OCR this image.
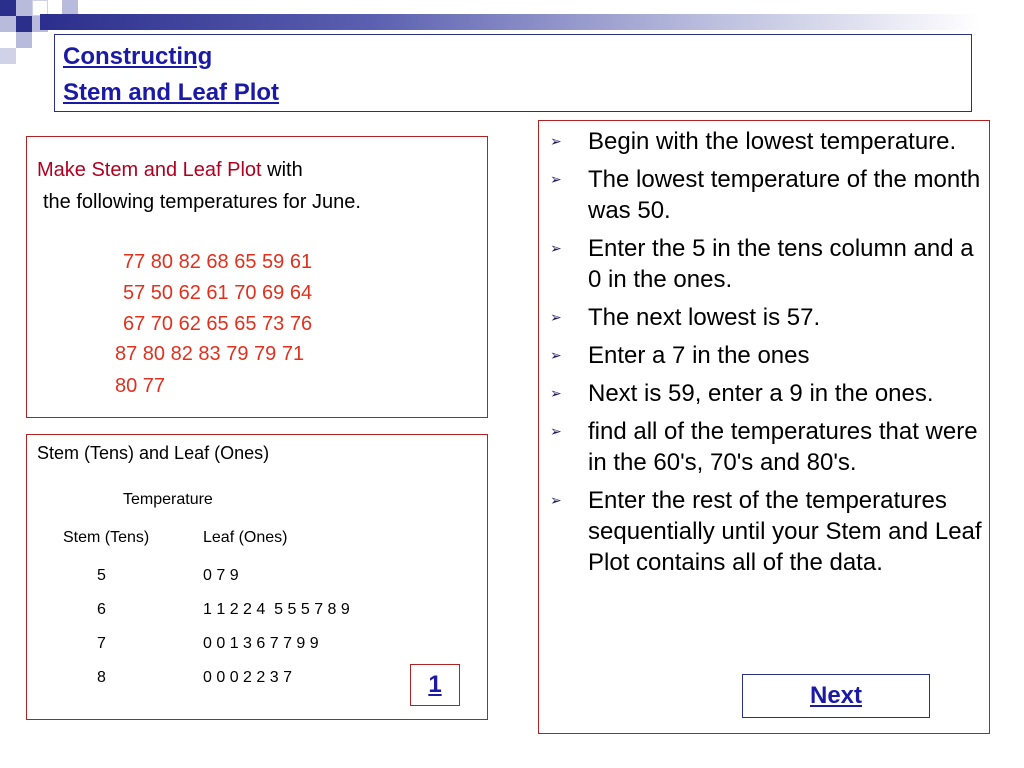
Constructing
Stem and Leaf Plot
Make Stem and Leaf Plot with
the following temperatures for June.
77 80 82 68 65 59 61
57 50 62 61 70 69 64
67 70 62 65 65 73 76
87 80 82 83 79 79 71
80 77
Stem (Tens) and Leaf (Ones)
Temperature
Stem (Tens)	Leaf (Ones)
5	0 7 9
6	1 1 2 2 4  5 5 5 7 8 9
7	0 0 1 3 6 7 7 9 9
8	0 0 0 2 2 3 7	1
➢ Begin with the lowest temperature.
➢ The lowest temperature of the month was 50.
➢ Enter the 5 in the tens column and a 0 in the ones.
➢ The next lowest is 57.
➢ Enter a 7 in the ones
➢ Next is 59, enter a 9 in the ones.
➢ find all of the temperatures that were in the 60's, 70's and 80's.
➢ Enter the rest of the temperatures sequentially until your Stem and Leaf Plot contains all of the data.
Next
